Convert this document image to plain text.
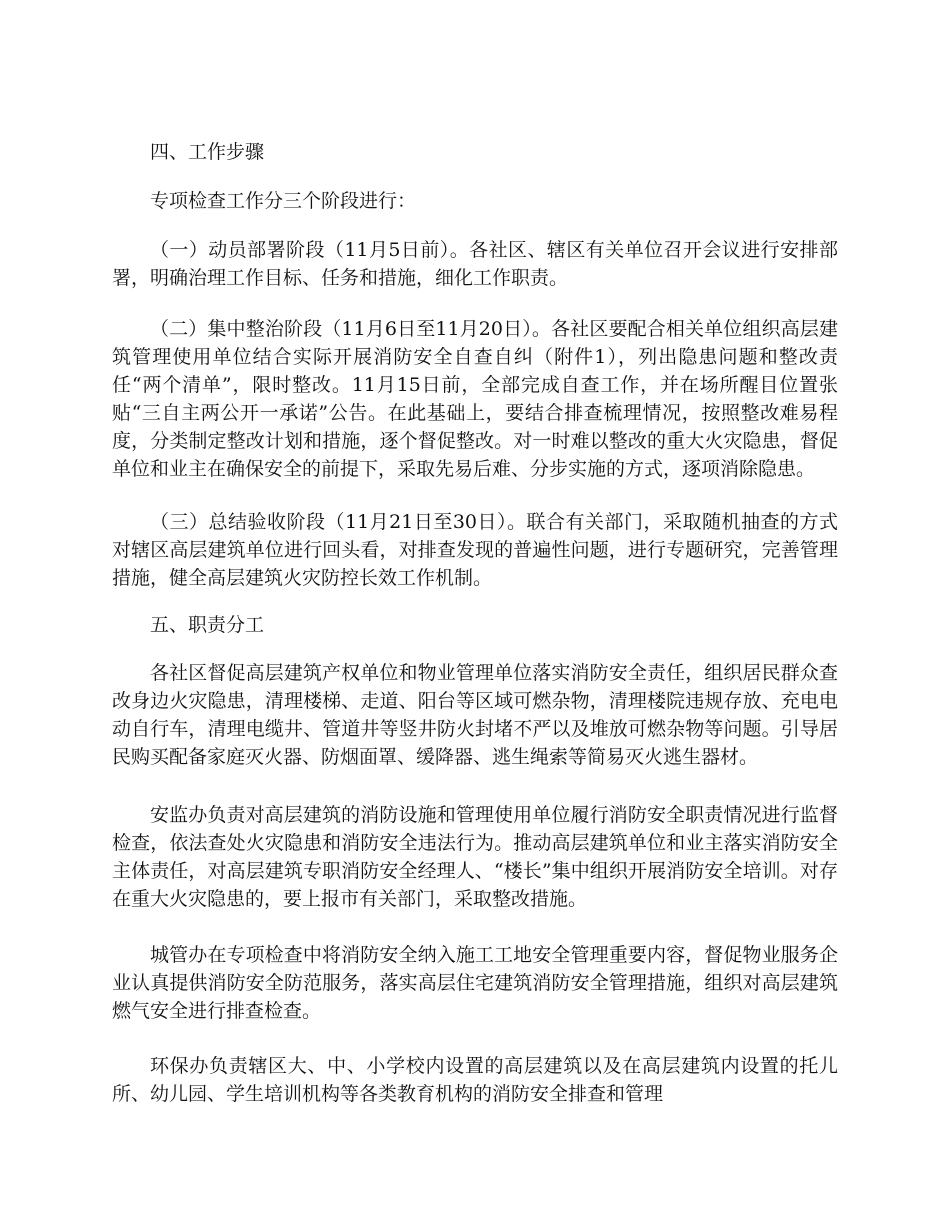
四、工作步骤

专项检查工作分三个阶段进行：

（一）动员部署阶段（11月5日前）。各社区、辖区有关单位召开会议进行安排部署，明确治理工作目标、任务和措施，细化工作职责。

（二）集中整治阶段（11月6日至11月20日）。各社区要配合相关单位组织高层建筑管理使用单位结合实际开展消防安全自查自纠（附件1），列出隐患问题和整改责任“两个清单”，限时整改。11月15日前，全部完成自查工作，并在场所醒目位置张贴“三自主两公开一承诺”公告。在此基础上，要结合排查梳理情况，按照整改难易程度，分类制定整改计划和措施，逐个督促整改。对一时难以整改的重大火灾隐患，督促单位和业主在确保安全的前提下，采取先易后难、分步实施的方式，逐项消除隐患。

（三）总结验收阶段（11月21日至30日）。联合有关部门，采取随机抽查的方式对辖区高层建筑单位进行回头看，对排查发现的普遍性问题，进行专题研究，完善管理措施，健全高层建筑火灾防控长效工作机制。

五、职责分工

各社区督促高层建筑产权单位和物业管理单位落实消防安全责任，组织居民群众查改身边火灾隐患，清理楼梯、走道、阳台等区域可燃杂物，清理楼院违规存放、充电电动自行车，清理电缆井、管道井等竖井防火封堵不严以及堆放可燃杂物等问题。引导居民购买配备家庭灭火器、防烟面罩、缓降器、逃生绳索等简易灭火逃生器材。

安监办负责对高层建筑的消防设施和管理使用单位履行消防安全职责情况进行监督检查，依法查处火灾隐患和消防安全违法行为。推动高层建筑单位和业主落实消防安全主体责任，对高层建筑专职消防安全经理人、“楼长”集中组织开展消防安全培训。对存在重大火灾隐患的，要上报市有关部门，采取整改措施。

城管办在专项检查中将消防安全纳入施工工地安全管理重要内容，督促物业服务企业认真提供消防安全防范服务，落实高层住宅建筑消防安全管理措施，组织对高层建筑燃气安全进行排查检查。

环保办负责辖区大、中、小学校内设置的高层建筑以及在高层建筑内设置的托儿所、幼儿园、学生培训机构等各类教育机构的消防安全排查和管理
